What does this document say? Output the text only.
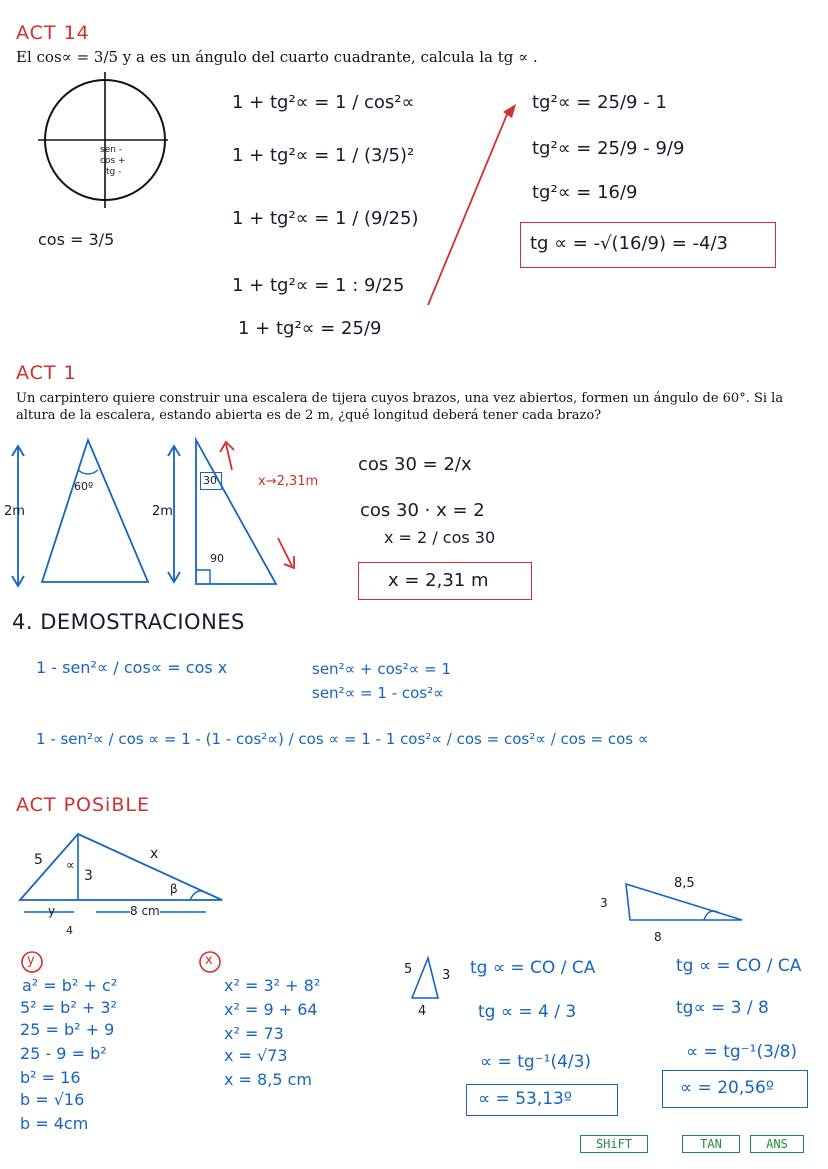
ACT 14
El cos∝ = 3/5 y a es un ángulo del cuarto cuadrante, calcula la tg ∝ .
sen -
cos +
tg -
cos = 3/5
1 + tg²∝ = 1 / cos²∝
1 + tg²∝ = 1 / (3/5)²
1 + tg²∝ = 1 / (9/25)
1 + tg²∝ = 1 : 9/25
1 + tg²∝ = 25/9
tg²∝ = 25/9 - 1
tg²∝ = 25/9 - 9/9
tg²∝ = 16/9
tg ∝ = -√(16/9) = -4/3
ACT 1
Un carpintero quiere construir una escalera de tijera cuyos brazos, una vez abiertos, formen un ángulo de 60°. Si la altura de la escalera, estando abierta es de 2 m, ¿qué longitud deberá tener cada brazo?
2m
60º
2m
30
90
x→2,31m
cos 30 = 2/x
cos 30 · x = 2
x = 2 / cos 30
x = 2,31 m
4. DEMOSTRACIONES
1 - sen²∝ / cos∝ = cos x	sen²∝ + cos²∝ = 1
sen²∝ = 1 - cos²∝
1 - sen²∝ / cos ∝ = 1 - (1 - cos²∝) / cos ∝ = 1 - 1 cos²∝ / cos = cos²∝ / cos = cos ∝
ACT POSiBLE
5 ∝
3
x
β
y	8 cm
4
y
a² = b² + c²
5² = b² + 3²
25 = b² + 9
25 - 9 = b²
b² = 16
b = √16
b = 4cm
x
x² = 3² + 8²
x² = 9 + 64
x² = 73
x = √73
x = 8,5 cm
5 3
4
tg ∝ = CO / CA
tg ∝ = 4 / 3
∝ = tg⁻¹(4/3)
∝ = 53,13º
8,5
3
8
tg ∝ = CO / CA
tg∝ = 3 / 8
∝ = tg⁻¹(3/8)
∝ = 20,56º
SHiFT	TAN	ANS
